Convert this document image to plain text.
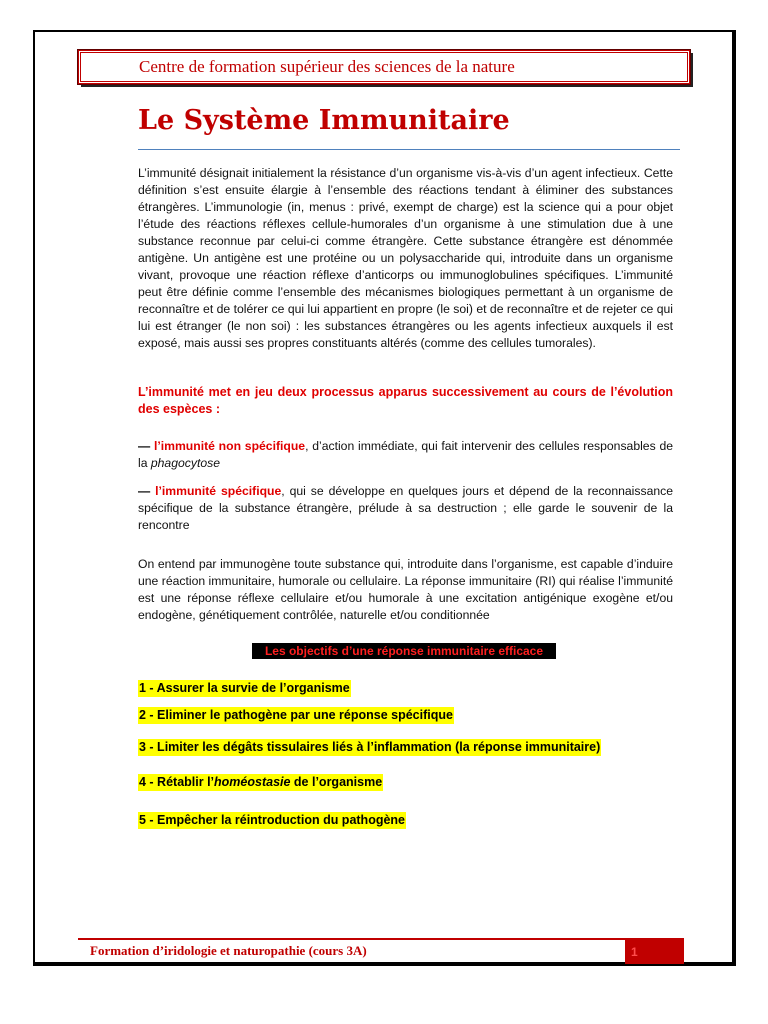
Centre de formation supérieur des sciences de la nature
Le Système Immunitaire

L’immunité désignait initialement la résistance d’un organisme vis-à-vis d’un agent infectieux. Cette définition s’est ensuite élargie à l’ensemble des réactions tendant à éliminer des substances étrangères. L’immunologie (in, menus : privé, exempt de charge) est la science qui a pour objet l’étude des réactions réflexes cellule-humorales d’un organisme à une stimulation due à une substance reconnue par celui-ci comme étrangère. Cette substance étrangère est dénommée antigène. Un antigène est une protéine ou un polysaccharide qui, introduite dans un organisme vivant, provoque une réaction réflexe d’anticorps ou immunoglobulines spécifiques. L’immunité peut être définie comme l’ensemble des mécanismes biologiques permettant à un organisme de reconnaître et de tolérer ce qui lui appartient en propre (le soi) et de reconnaître et de rejeter ce qui lui est étranger (le non soi) : les substances étrangères ou les agents infectieux auxquels il est exposé, mais aussi ses propres constituants altérés (comme des cellules tumorales).

L’immunité met en jeu deux processus apparus successivement au cours de l’évolution des espèces :

— l’immunité non spécifique, d’action immédiate, qui fait intervenir des cellules responsables de la phagocytose

— l’immunité spécifique, qui se développe en quelques jours et dépend de la reconnaissance spécifique de la substance étrangère, prélude à sa destruction ; elle garde le souvenir de la rencontre

On entend par immunogène toute substance qui, introduite dans l’organisme, est capable d’induire une réaction immunitaire, humorale ou cellulaire. La réponse immunitaire (RI) qui réalise l’immunité est une réponse réflexe cellulaire et/ou humorale à une excitation antigénique exogène et/ou endogène, génétiquement contrôlée, naturelle et/ou conditionnée

Les objectifs d’une réponse immunitaire efficace
1 - Assurer la survie de l’organisme
2 - Eliminer le pathogène par une réponse spécifique
3 - Limiter les dégâts tissulaires liés à l’inflammation (la réponse immunitaire)
4 - Rétablir l’homéostasie de l’organisme
5 - Empêcher la réintroduction du pathogène
Formation d’iridologie et naturopathie (cours 3A)	1
